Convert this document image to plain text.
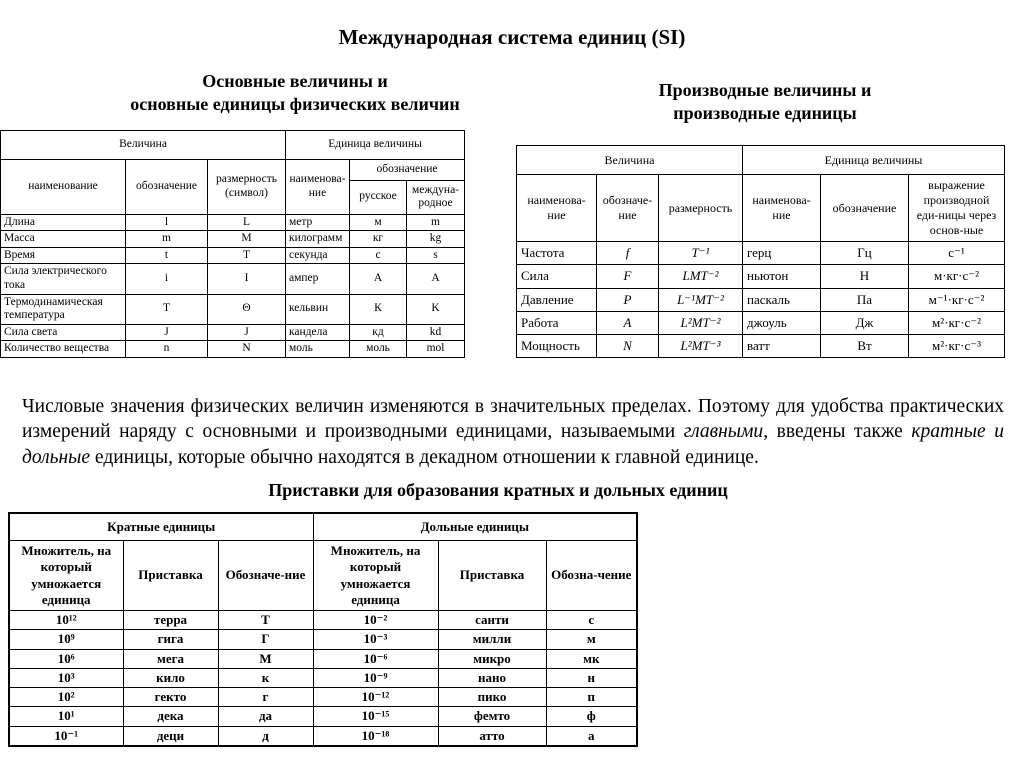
Международная система единиц (SI)
Основные величины и
основные единицы физических величин
Производные величины и
производные единицы
Величина			Единица величины		
наименование	обозначение	размерность (символ)	наименова-ние	обозначение	
				русское	междуна-родное
Длина	l	L	метр	м	m
Масса	m	M	килограмм	кг	kg
Время	t	T	секунда	с	s
Сила электрического тока	i	I	ампер	А	A
Термодинамическая температура	T	Θ	кельвин	К	K
Сила света	J	J	кандела	кд	kd
Количество вещества	n	N	моль	моль	mol
Величина			Единица величины		
наименова-ние	обозначе-ние	размерность	наименова-ние	обозначение	выражение производной еди-ницы через основ-ные
Частота	f	T⁻¹	герц	Гц	с⁻¹
Сила	F	LMT⁻²	ньютон	Н	м·кг·с⁻²
Давление	P	L⁻¹MT⁻²	паскаль	Па	м⁻¹·кг·с⁻²
Работа	A	L²MT⁻²	джоуль	Дж	м²·кг·с⁻²
Мощность	N	L²MT⁻³	ватт	Вт	м²·кг·с⁻³

Числовые значения физических величин изменяются в значительных пределах. Поэтому для удобства практических измерений наряду с основными и производными единицами, называемыми главными, введены также кратные и дольные единицы, которые обычно находятся в декадном отношении к главной единице.

Приставки для образования кратных и дольных единиц
Кратные единицы			Дольные единицы		
Множитель, на который умножается единица	Приставка	Обозначе-ние	Множитель, на который умножается единица	Приставка	Обозна-чение
10¹²	терра	Т	10⁻²	санти	с
10⁹	гига	Г	10⁻³	милли	м
10⁶	мега	М	10⁻⁶	микро	мк
10³	кило	к	10⁻⁹	нано	н
10²	гекто	г	10⁻¹²	пико	п
10¹	дека	да	10⁻¹⁵	фемто	ф
10⁻¹	деци	д	10⁻¹⁸	атто	а
